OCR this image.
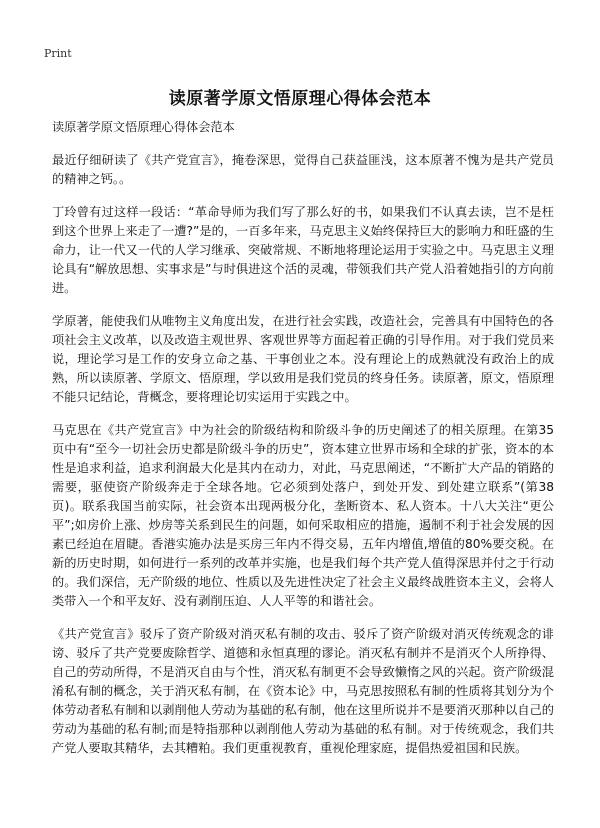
Print
读原著学原文悟原理心得体会范本

读原著学原文悟原理心得体会范本

最近仔细研读了《共产党宣言》，掩卷深思，觉得自己获益匪浅，这本原著不愧为是共产党员的精神之钙。。

丁玲曾有过这样一段话：“革命导师为我们写了那么好的书，如果我们不认真去读，岂不是枉到这个世界上来走了一遭?”是的，一百多年来，马克思主义始终保持巨大的影响力和旺盛的生命力，让一代又一代的人学习继承、突破常规、不断地将理论运用于实验之中。马克思主义理论具有“解放思想、实事求是”与时俱进这个活的灵魂，带领我们共产党人沿着她指引的方向前进。

学原著，能使我们从唯物主义角度出发，在进行社会实践，改造社会，完善具有中国特色的各项社会主义改革，以及改造主观世界、客观世界等方面起着正确的引导作用。对于我们党员来说，理论学习是工作的安身立命之基、干事创业之本。没有理论上的成熟就没有政治上的成熟，所以读原著、学原文、悟原理，学以致用是我们党员的终身任务。读原著，原文，悟原理不能只记结论，背概念，要将理论切实运用于实践之中。

马克思在《共产党宣言》中为社会的阶级结构和阶级斗争的历史阐述了的相关原理。在第35页中有“至今一切社会历史都是阶级斗争的历史”，资本建立世界市场和全球的扩张，资本的本性是追求利益，追求利润最大化是其内在动力，对此，马克思阐述，“不断扩大产品的销路的需要，驱使资产阶级奔走于全球各地。它必须到处落户，到处开发、到处建立联系”(第38页)。联系我国当前实际，社会资本出现两极分化，垄断资本、私人资本。十八大关注“更公平”;如房价上涨、炒房等关系到民生的问题，如何采取相应的措施，遏制不利于社会发展的因素已经迫在眉睫。香港实施办法是买房三年内不得交易，五年内增值,增值的80%要交税。在新的历史时期，如何进行一系列的改革并实施，也是我们每个共产党人值得深思并付之于行动的。我们深信，无产阶级的地位、性质以及先进性决定了社会主义最终战胜资本主义，会将人类带入一个和平友好、没有剥削压迫、人人平等的和谐社会。

《共产党宣言》驳斥了资产阶级对消灭私有制的攻击、驳斥了资产阶级对消灭传统观念的诽谤、驳斥了共产党要废除哲学、道德和永恒真理的谬论。消灭私有制并不是消灭个人所挣得、自己的劳动所得，不是消灭自由与个性，消灭私有制更不会导致懒惰之风的兴起。资产阶级混淆私有制的概念，关于消灭私有制，在《资本论》中，马克思按照私有制的性质将其划分为个体劳动者私有制和以剥削他人劳动为基础的私有制，他在这里所说并不是要消灭那种以自己的劳动为基础的私有制;而是特指那种以剥削他人劳动为基础的私有制。对于传统观念，我们共产党人要取其精华，去其糟粕。我们更重视教育，重视伦理家庭，提倡热爱祖国和民族。
